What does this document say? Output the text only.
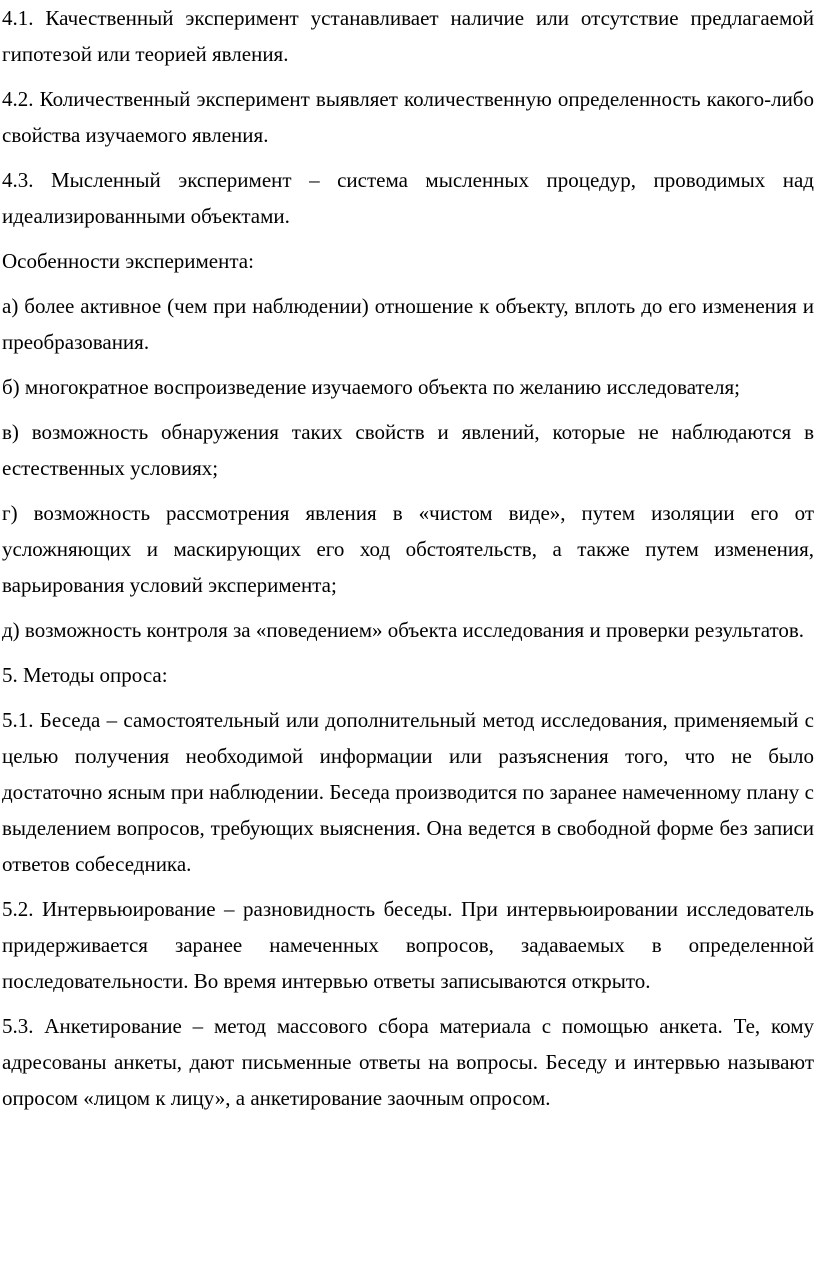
4.1. Качественный эксперимент устанавливает наличие или отсутствие предлагаемой гипотезой или теорией явления.

4.2. Количественный эксперимент выявляет количественную определенность какого-либо свойства изучаемого явления.

4.3. Мысленный эксперимент – система мысленных процедур, проводимых над идеализированными объектами.

Особенности эксперимента:

а) более активное (чем при наблюдении) отношение к объекту, вплоть до его изменения и преобразования.

б) многократное воспроизведение изучаемого объекта по желанию исследователя;

в) возможность обнаружения таких свойств и явлений, которые не наблюдаются в естественных условиях;

г) возможность рассмотрения явления в «чистом виде», путем изоляции его от усложняющих и маскирующих его ход обстоятельств, а также путем изменения, варьирования условий эксперимента;

д) возможность контроля за «поведением» объекта исследования и проверки результатов.

5. Методы опроса:

5.1. Беседа – самостоятельный или дополнительный метод исследования, применяемый с целью получения необходимой информации или разъяснения того, что не было достаточно ясным при наблюдении. Беседа производится по заранее намеченному плану с выделением вопросов, требующих выяснения. Она ведется в свободной форме без записи ответов собеседника.

5.2. Интервьюирование – разновидность беседы. При интервьюировании исследователь придерживается заранее намеченных вопросов, задаваемых в определенной последовательности. Во время интервью ответы записываются открыто.

5.3. Анкетирование – метод массового сбора материала с помощью анкета. Те, кому адресованы анкеты, дают письменные ответы на вопросы. Беседу и интервью называют опросом «лицом к лицу», а анкетирование заочным опросом.
